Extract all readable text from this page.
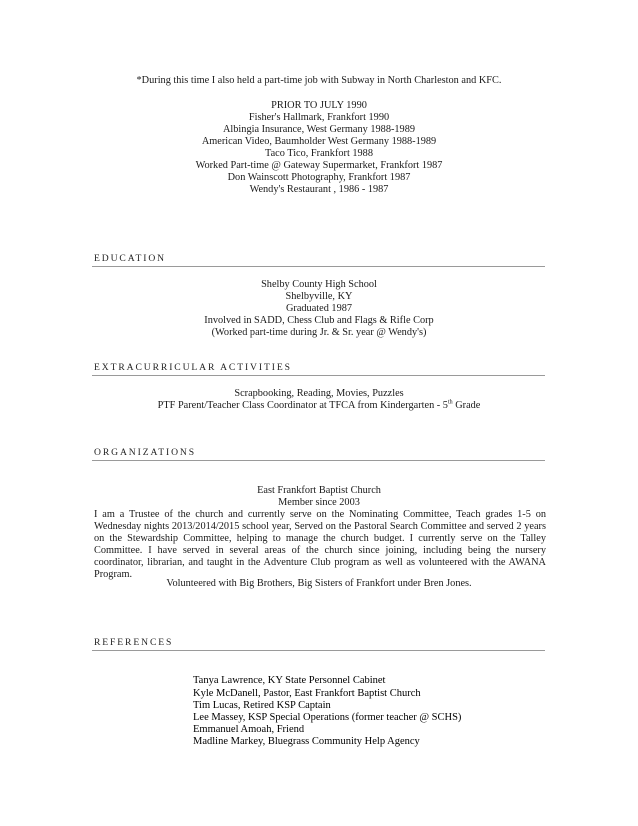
*During this time I also held a part-time job with Subway in North Charleston and KFC.
PRIOR TO JULY 1990
Fisher's Hallmark, Frankfort 1990
Albingia Insurance, West Germany 1988-1989
American Video, Baumholder West Germany 1988-1989
Taco Tico, Frankfort 1988
Worked Part-time @ Gateway Supermarket, Frankfort 1987
Don Wainscott Photography, Frankfort 1987
Wendy's Restaurant , 1986 - 1987
EDUCATION
Shelby County High School
Shelbyville, KY
Graduated 1987
Involved in SADD, Chess Club and Flags & Rifle Corp
(Worked part-time during Jr. & Sr. year @ Wendy's)
EXTRACURRICULAR ACTIVITIES
Scrapbooking, Reading, Movies, Puzzles
PTF Parent/Teacher Class Coordinator at TFCA from Kindergarten - 5th Grade
ORGANIZATIONS
East Frankfort Baptist Church
Member since 2003
I am a Trustee of the church and currently serve on the Nominating Committee, Teach grades 1-5 on Wednesday nights 2013/2014/2015 school year, Served on the Pastoral Search Committee and served 2 years on the Stewardship Committee, helping to manage the church budget. I currently serve on the Talley Committee. I have served in several areas of the church since joining, including being the nursery coordinator, librarian, and taught in the Adventure Club program as well as volunteered with the AWANA Program.
Volunteered with Big Brothers, Big Sisters of Frankfort under Bren Jones.
REFERENCES
Tanya Lawrence, KY State Personnel Cabinet
Kyle McDanell, Pastor, East Frankfort Baptist Church
Tim Lucas, Retired KSP Captain
Lee Massey, KSP Special Operations (former teacher @ SCHS)
Emmanuel Amoah, Friend
Madline Markey, Bluegrass Community Help Agency
